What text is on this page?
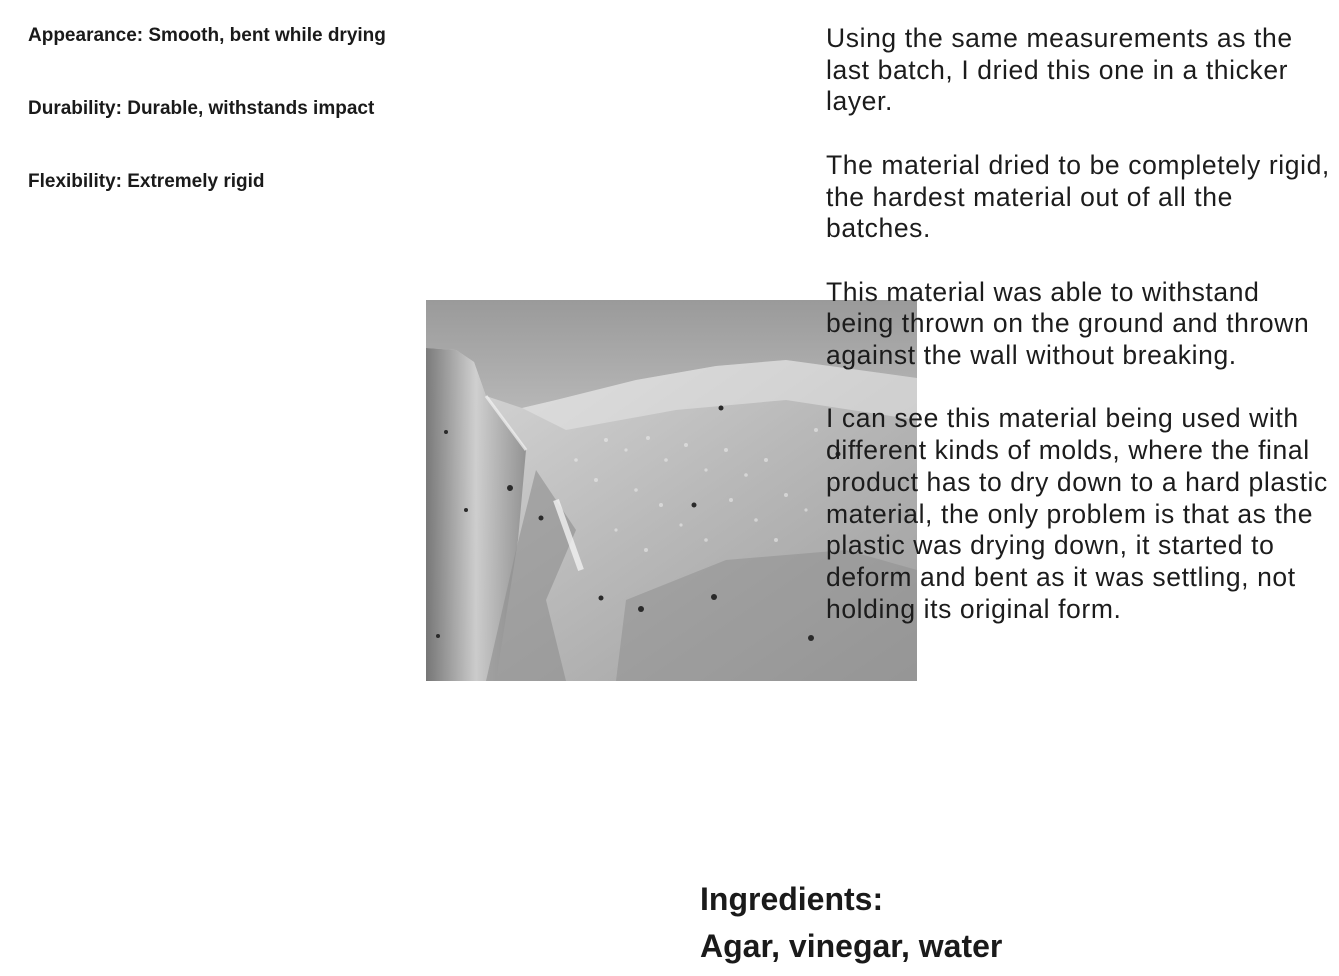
Appearance: Smooth, bent while drying
Durability: Durable, withstands impact
Flexibility: Extremely rigid

Using the same measurements as the last batch, I dried this one in a thicker layer.

The material dried to be completely rigid, the hardest material out of all the batches.

This material was able to withstand being thrown on the ground and thrown against the wall without breaking.

I can see this material being used with different kinds of molds, where the final product has to dry down to a hard plastic material, the only problem is that as the plastic was drying down, it started to deform and bent as it was settling, not holding its original form.

Ingredients:
Agar, vinegar, water
